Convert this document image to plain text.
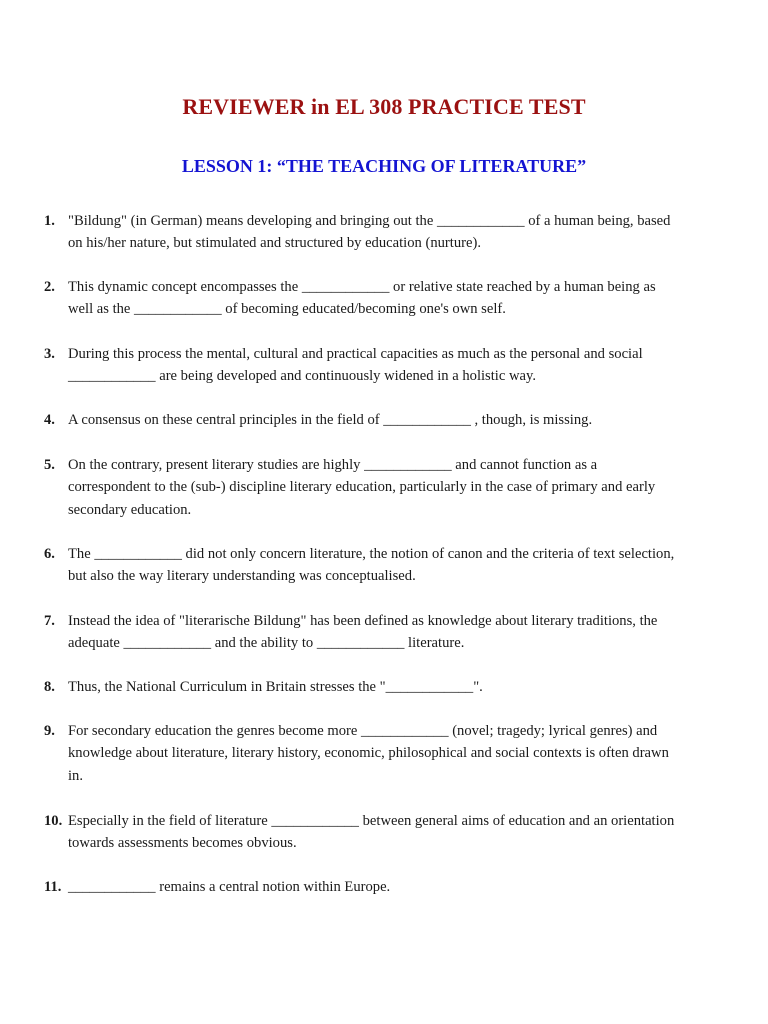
REVIEWER in EL 308 PRACTICE TEST
LESSON 1: “THE TEACHING OF LITERATURE”
1. "Bildung" (in German) means developing and bringing out the ____________ of a human being, based on his/her nature, but stimulated and structured by education (nurture).
2. This dynamic concept encompasses the ____________ or relative state reached by a human being as well as the ____________ of becoming educated/becoming one's own self.
3. During this process the mental, cultural and practical capacities as much as the personal and social ____________ are being developed and continuously widened in a holistic way.
4. A consensus on these central principles in the field of ____________ , though, is missing.
5. On the contrary, present literary studies are highly ____________ and cannot function as a correspondent to the (sub-) discipline literary education, particularly in the case of primary and early secondary education.
6. The ____________ did not only concern literature, the notion of canon and the criteria of text selection, but also the way literary understanding was conceptualised.
7. Instead the idea of "literarische Bildung" has been defined as knowledge about literary traditions, the adequate ____________ and the ability to ____________ literature.
8. Thus, the National Curriculum in Britain stresses the "____________".
9. For secondary education the genres become more ____________ (novel; tragedy; lyrical genres) and knowledge about literature, literary history, economic, philosophical and social contexts is often drawn in.
10. Especially in the field of literature ____________ between general aims of education and an orientation towards assessments becomes obvious.
11. ____________ remains a central notion within Europe.
